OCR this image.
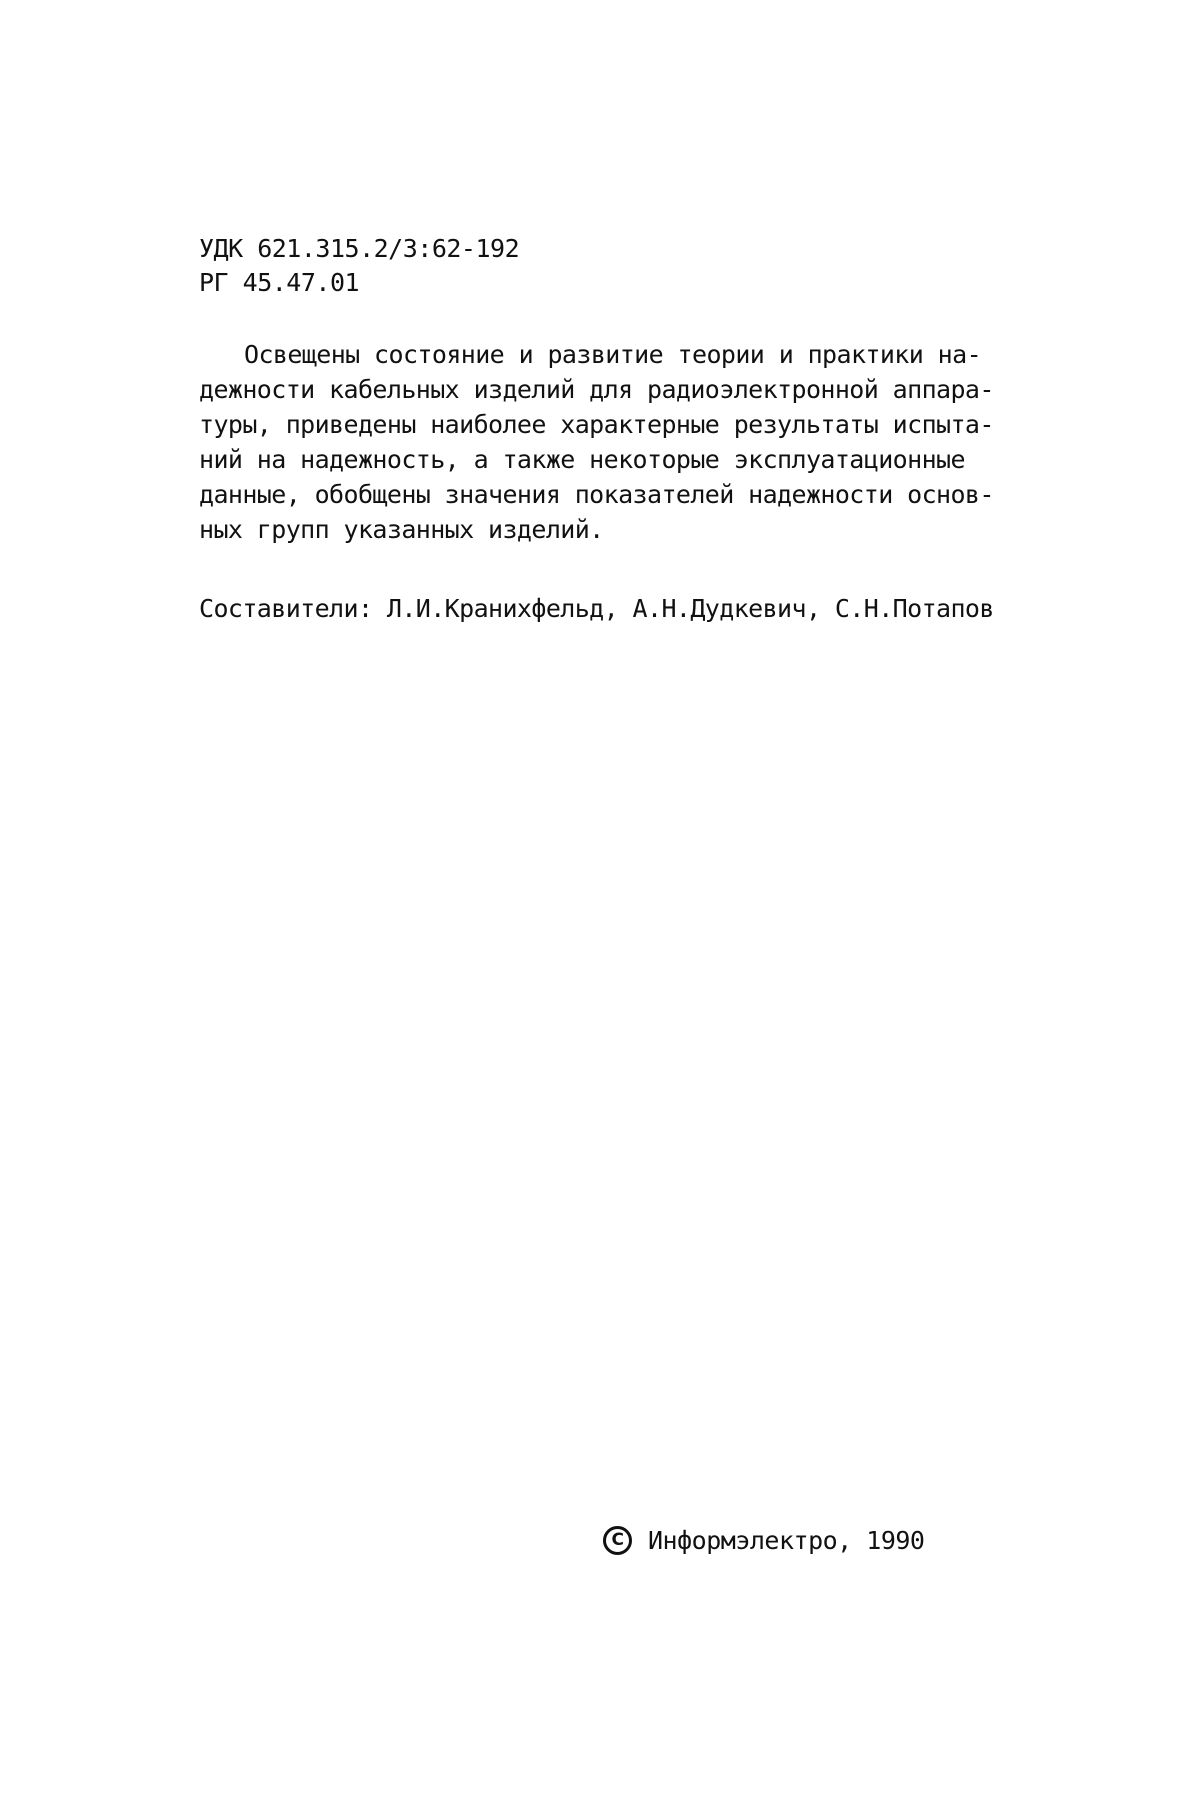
УДК 621.315.2/3:62-192
РГ 45.47.01
Освещены состояние и развитие теории и практики на-
дежности кабельных изделий для радиоэлектронной аппара-
туры, приведены наиболее характерные результаты испыта-
ний на надежность, а также некоторые эксплуатационные
данные, обобщены значения показателей надежности основ-
ных групп указанных изделий.
Составители: Л.И.Кранихфельд, А.Н.Дудкевич, С.Н.Потапов
C Информэлектро, 1990
